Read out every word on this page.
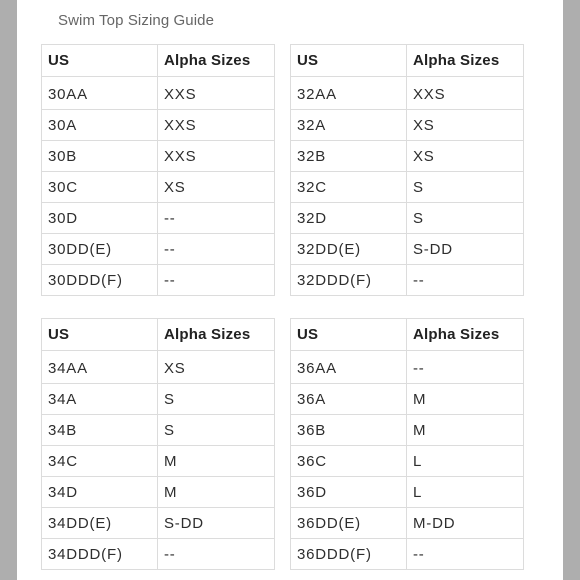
Swim Top Sizing Guide
US	Alpha Sizes
30AA	XXS
30A	XXS
30B	XXS
30C	XS
30D	--
30DD(E)	--
30DDD(F)	--
US	Alpha Sizes
32AA	XXS
32A	XS
32B	XS
32C	S
32D	S
32DD(E)	S-DD
32DDD(F)	--
US	Alpha Sizes
34AA	XS
34A	S
34B	S
34C	M
34D	M
34DD(E)	S-DD
34DDD(F)	--
US	Alpha Sizes
36AA	--
36A	M
36B	M
36C	L
36D	L
36DD(E)	M-DD
36DDD(F)	--
